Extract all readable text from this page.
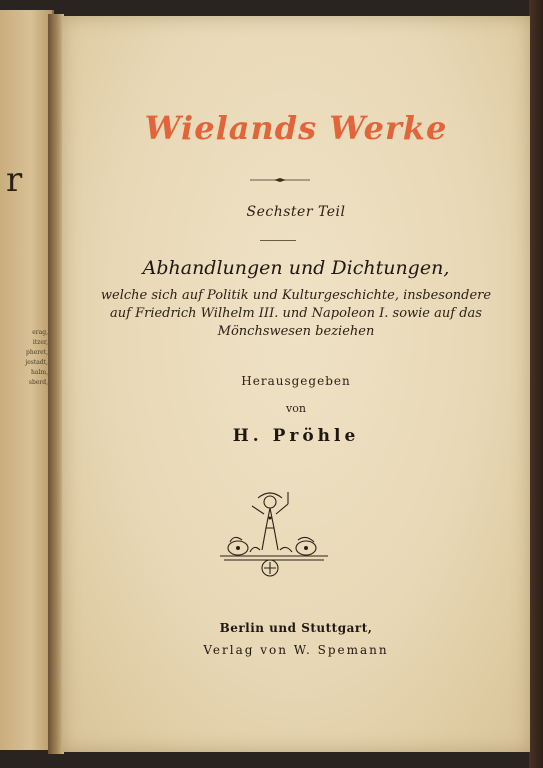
r
erag,
itzer,
pheret,
jestadt,
halm,
sberd,
Wielands Werke
Sechster Teil
Abhandlungen und Dichtungen,
welche sich auf Politik und Kulturgeschichte, insbesondere
auf Friedrich Wilhelm III. und Napoleon I. sowie auf das
Mönchswesen beziehen
Herausgegeben
von
H. Pröhle
Berlin und Stuttgart,
Verlag von W. Spemann
